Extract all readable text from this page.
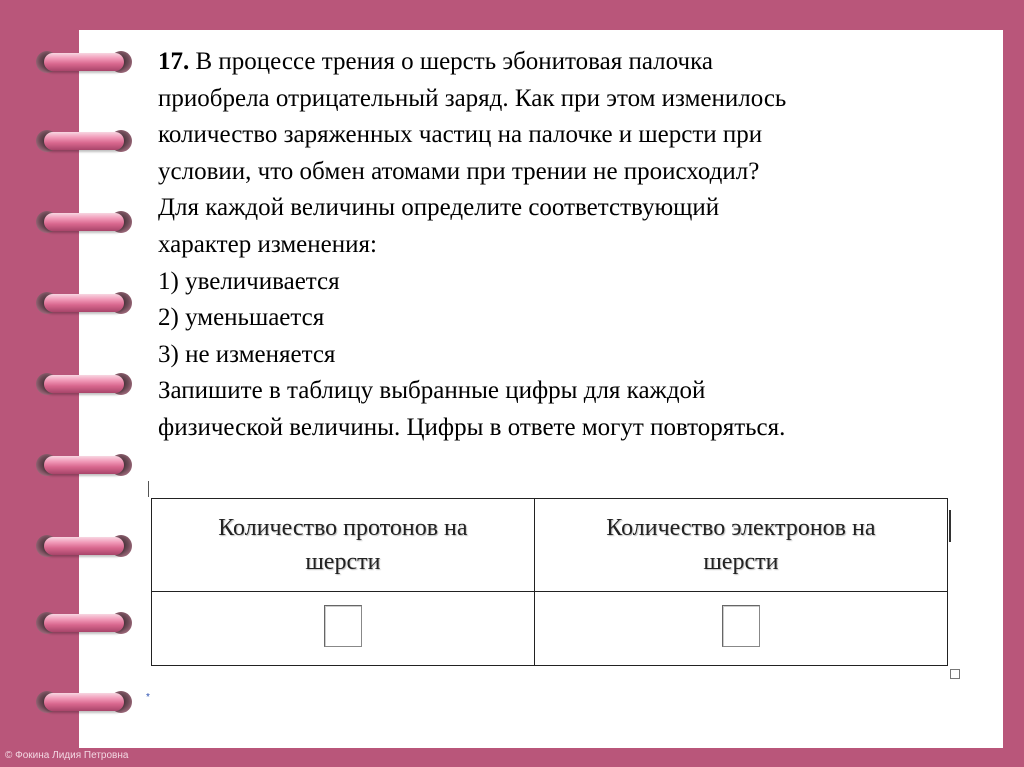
17. В процессе трения о шерсть эбонитовая палочка

приобрела отрицательный заряд. Как при этом изменилось

количество заряженных частиц на палочке и шерсти при

условии, что обмен атомами при трении не происходил?

Для каждой величины определите соответствующий

характер изменения:

1) увеличивается

2) уменьшается

3) не изменяется

Запишите в таблицу выбранные цифры для каждой

физической величины. Цифры в ответе могут повторяться.

Количество протонов на
шерсти	Количество электронов на
шерсти

*
© Фокина Лидия Петровна
